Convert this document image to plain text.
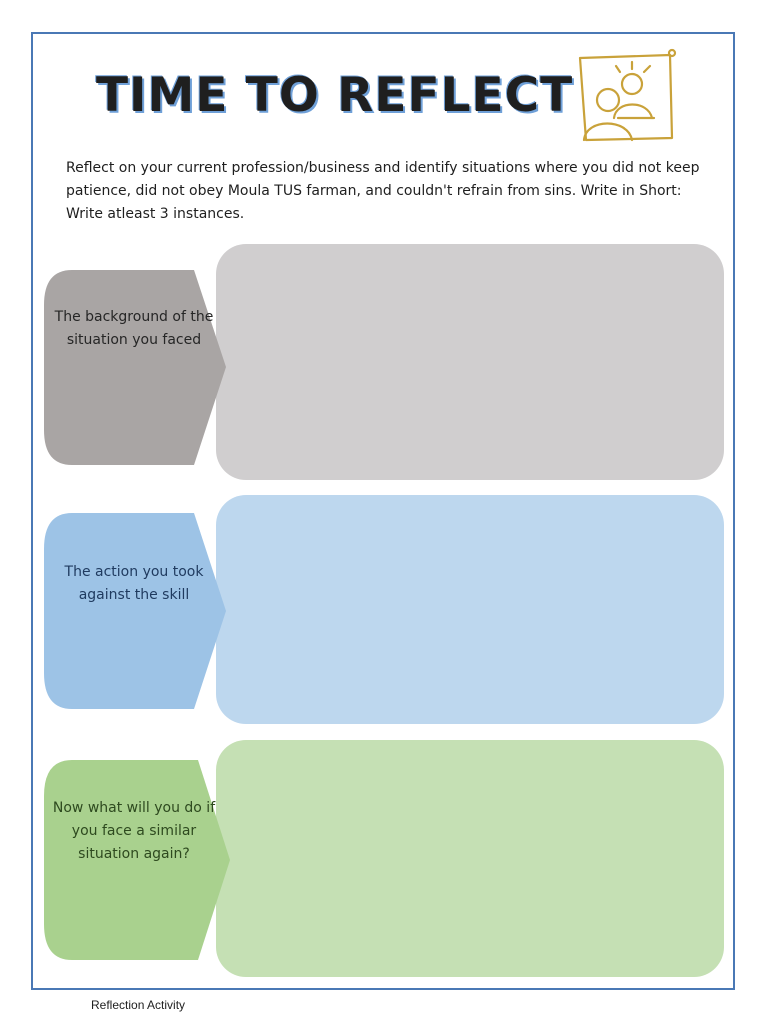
TIME TO REFLECT

Reflect on your current profession/business and identify situations where you did not keep patience, did not obey Moula TUS farman, and couldn't refrain from sins. Write in Short: Write atleast 3 instances.

The background of the situation you faced

The action you took against the skill

Now what will you do if you face a similar situation again?

Reflection Activity
